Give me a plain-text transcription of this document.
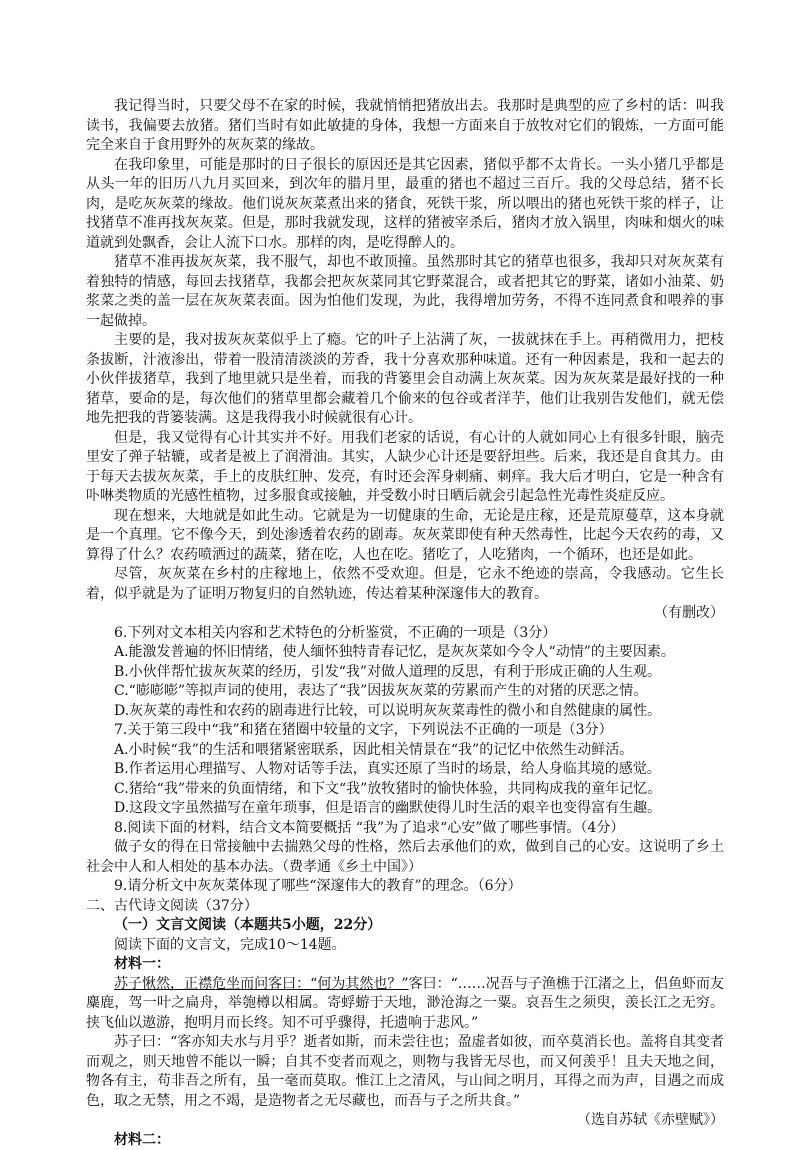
我记得当时，只要父母不在家的时候，我就悄悄把猪放出去。我那时是典型的应了乡村的话：叫我读书，我偏要去放猪。猪们当时有如此敏捷的身体，我想一方面来自于放牧对它们的锻炼，一方面可能完全来自于食用野外的灰灰菜的缘故。

在我印象里，可能是那时的日子很长的原因还是其它因素，猪似乎都不太肯长。一头小猪几乎都是从头一年的旧历八九月买回来，到次年的腊月里，最重的猪也不超过三百斤。我的父母总结，猪不长肉，是吃灰灰菜的缘故。他们说灰灰菜煮出来的猪食，死铁干浆，所以喂出的猪也死铁干浆的样子，让找猪草不准再找灰灰菜。但是，那时我就发现，这样的猪被宰杀后，猪肉才放入锅里，肉味和烟火的味道就到处飘香，会让人流下口水。那样的肉，是吃得醉人的。

猪草不准再拔灰灰菜，我不服气，却也不敢顶撞。虽然那时其它的猪草也很多，我却只对灰灰菜有着独特的情感，每回去找猪草，我都会把灰灰菜同其它野菜混合，或者把其它的野菜，诸如小油菜、奶浆菜之类的盖一层在灰灰菜表面。因为怕他们发现，为此，我得增加劳务，不得不连同煮食和喂养的事一起做掉。

主要的是，我对拔灰灰菜似乎上了瘾。它的叶子上沾满了灰，一拔就抹在手上。再稍微用力，把枝条拔断，汁液渗出，带着一股清清淡淡的芳香，我十分喜欢那种味道。还有一种因素是，我和一起去的小伙伴拔猪草，我到了地里就只是坐着，而我的背篓里会自动满上灰灰菜。因为灰灰菜是最好找的一种猪草，要命的是，每次他们的猪草里都会藏着几个偷来的包谷或者洋芋，他们让我别告发他们，就无偿地先把我的背篓装满。这是我得我小时候就很有心计。

但是，我又觉得有心计其实并不好。用我们老家的话说，有心计的人就如同心上有很多针眼，脑壳里安了弹子轱辘，或者是被上了润滑油。其实，人缺少心计还是要舒坦些。后来，我还是自食其力。由于每天去拔灰灰菜，手上的皮肤红肿、发亮，有时还会浑身刺痛、刺痒。我大后才明白，它是一种含有卟啉类物质的光感性植物，过多服食或接触，并受数小时日晒后就会引起急性光毒性炎症反应。

现在想来，大地就是如此生动。它就是为一切健康的生命，无论是庄稼，还是荒原蔓草，这本身就是一个真理。它不像今天，到处渗透着农药的剧毒。灰灰菜即使有种天然毒性，比起今天农药的毒，又算得了什么？农药喷洒过的蔬菜，猪在吃，人也在吃。猪吃了，人吃猪肉，一个循环，也还是如此。

尽管，灰灰菜在乡村的庄稼地上，依然不受欢迎。但是，它永不绝迹的崇高，令我感动。它生长着，似乎就是为了证明万物复归的自然轨迹，传达着某种深邃伟大的教育。

（有删改）

6.下列对文本相关内容和艺术特色的分析鉴赏，不正确的一项是（3分）

A.能激发普遍的怀旧情绪，使人缅怀独特青春记忆，是灰灰菜如今令人“动情”的主要因素。

B.小伙伴帮忙拔灰灰菜的经历，引发“我”对做人道理的反思，有利于形成正确的人生观。

C.“嘭嘭嘭”等拟声词的使用，表达了“我”因拔灰灰菜的劳累而产生的对猪的厌恶之情。

D.灰灰菜的毒性和农药的剧毒进行比较，可以说明灰灰菜毒性的微小和自然健康的属性。

7.关于第三段中“我”和猪在猪圈中较量的文字，下列说法不正确的一项是（3分）

A.小时候“我”的生活和喂猪紧密联系，因此相关情景在“我”的记忆中依然生动鲜活。

B.作者运用心理描写、人物对话等手法，真实还原了当时的场景，给人身临其境的感觉。

C.猪给“我”带来的负面情绪，和下文“我”放牧猪时的愉快体验，共同构成我的童年记忆。

D.这段文字虽然描写在童年琐事，但是语言的幽默使得儿时生活的艰辛也变得富有生趣。

8.阅读下面的材料，结合文本简要概括 “我”为了追求“心安”做了哪些事情。（4分）

做子女的得在日常接触中去揣熟父母的性格，然后去承他们的欢，做到自己的心安。这说明了乡土社会中人和人相处的基本办法。（费孝通《乡土中国》）

9.请分析文中灰灰菜体现了哪些“深邃伟大的教育”的理念。（6分）

二、古代诗文阅读（37分）

（一）文言文阅读（本题共5小题，22分）

阅读下面的文言文，完成10～14题。

材料一：

苏子愀然，正襟危坐而问客曰：“何为其然也？”客曰：“……况吾与子渔樵于江渚之上，侣鱼虾而友麋鹿，驾一叶之扁舟，举匏樽以相属。寄蜉蝣于天地，渺沧海之一粟。哀吾生之须臾，羡长江之无穷。挟飞仙以遨游，抱明月而长终。知不可乎骤得，托遗响于悲风。”

苏子曰：“客亦知夫水与月乎？逝者如斯，而未尝往也；盈虚者如彼，而卒莫消长也。盖将自其变者而观之，则天地曾不能以一瞬；自其不变者而观之，则物与我皆无尽也，而又何羡乎！且夫天地之间，物各有主，苟非吾之所有，虽一毫而莫取。惟江上之清风，与山间之明月，耳得之而为声，目遇之而成色，取之无禁，用之不竭，是造物者之无尽藏也，而吾与子之所共食。”

（选自苏轼《赤壁赋》）

材料二：
